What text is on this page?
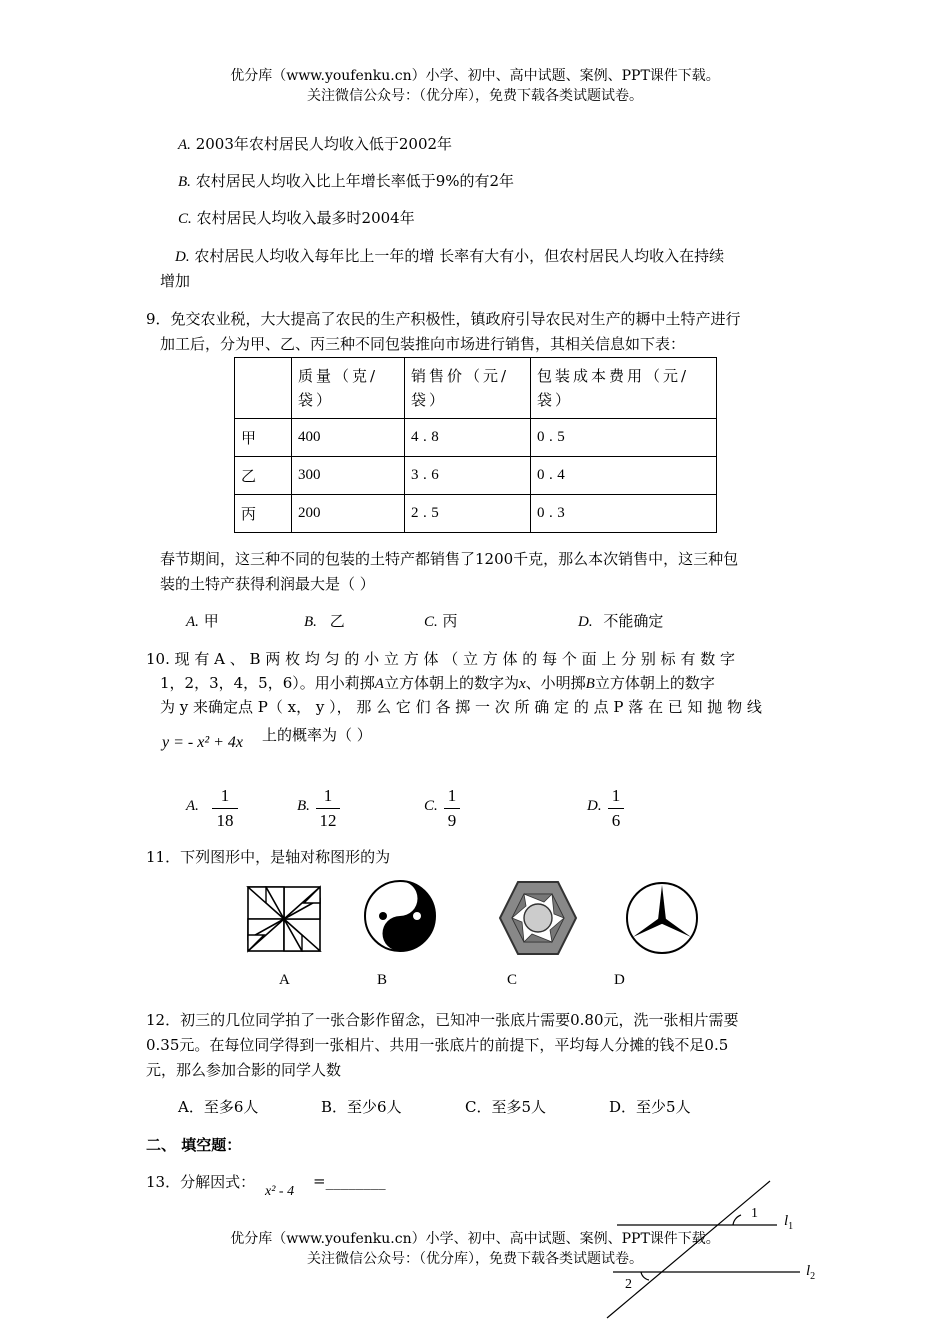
优分库（www.youfenku.cn）小学、初中、高中试题、案例、PPT课件下载。
关注微信公众号：（优分库），免费下载各类试题试卷。
A. 2003年农村居民人均收入低于2002年
B. 农村居民人均收入比上年增长率低于9%的有2年
C. 农村居民人均收入最多时2004年
D. 农村居民人均收入每年比上一年的增 长率有大有小，但农村居民人均收入在持续
增加
9．免交农业税，大大提高了农民的生产积极性，镇政府引导农民对生产的耨中土特产进行
加工后，分为甲、乙、丙三种不同包装推向市场进行销售，其相关信息如下表：
	质量（克/袋）	销售价（元/袋）	包装成本费用（元/袋）
甲	400	4.8	0.5
乙	300	3.6	0.4
丙	200	2.5	0.3
春节期间，这三种不同的包装的土特产都销售了1200千克，那么本次销售中，这三种包
装的土特产获得利润最大是（ ）
A. 甲	B. 乙	C. 丙	D. 不能确定
10. 现 有 A 、 B 两 枚 均 匀 的 小 立 方 体 （ 立 方 体 的 每 个 面 上 分 别 标 有 数 字
1，2，3，4，5，6）。用小莉掷A立方体朝上的数字为x、小明掷B立方体朝上的数字
为 y 来确定点 P（ x， y ）， 那 么 它 们 各 掷 一 次 所 确 定 的 点 P 落 在 已 知 抛 物 线
y = - x² + 4x 上的概率为（ ）
A.
1
18
B.
1
12
C.
1
9
D.
1
6
11．下列图形中，是轴对称图形的为
A	B	C	D
12．初三的几位同学拍了一张合影作留念，已知冲一张底片需要0.80元，洗一张相片需要
0.35元。在每位同学得到一张相片、共用一张底片的前提下，平均每人分摊的钱不足0.5
元，那么参加合影的同学人数
A．至多6人	B．至少6人	C．至多5人	D．至少5人
二、 填空题：
13．分解因式：
x² - 4
=________
1
2
$l_1$
$l_2$
优分库（www.youfenku.cn）小学、初中、高中试题、案例、PPT课件下载。
关注微信公众号：（优分库），免费下载各类试题试卷。
